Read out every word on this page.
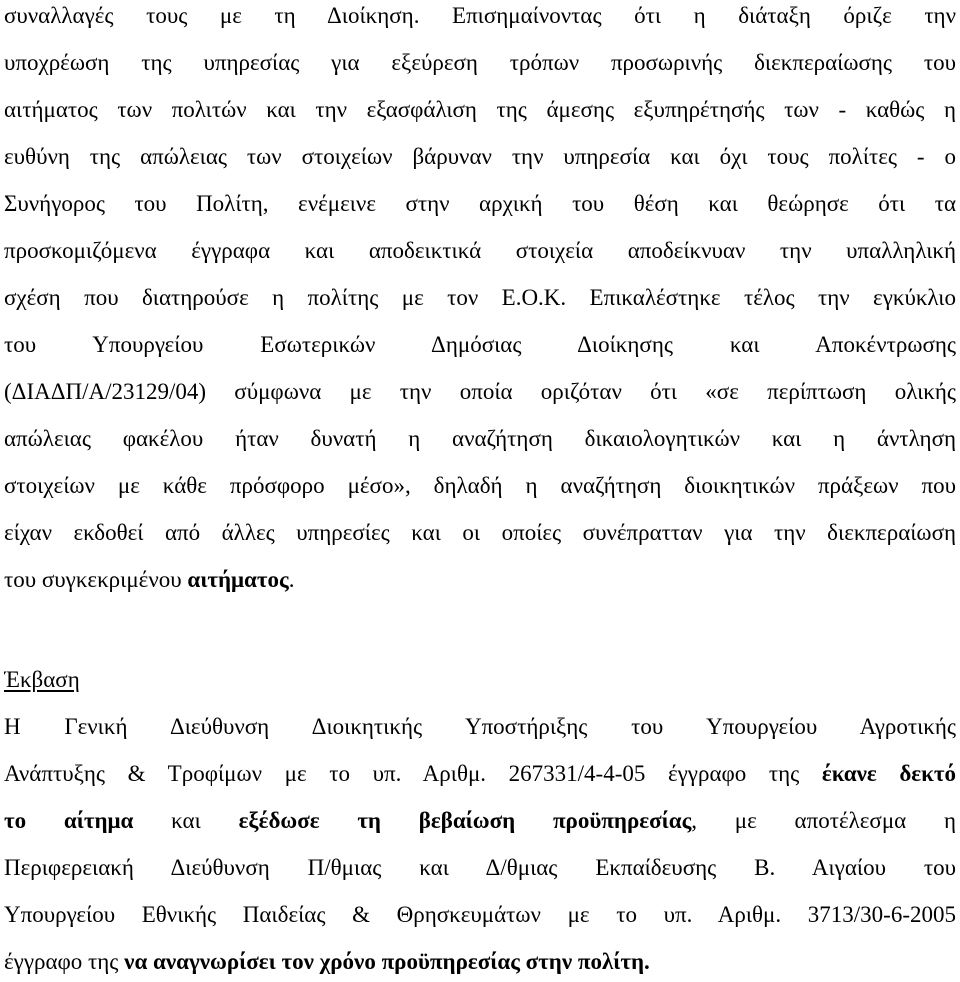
συναλλαγές τους με τη Διοίκηση. Επισημαίνοντας ότι η διάταξη όριζε την
υποχρέωση της υπηρεσίας για εξεύρεση τρόπων προσωρινής διεκπεραίωσης του
αιτήματος των πολιτών και την εξασφάλιση της άμεσης εξυπηρέτησής των - καθώς η
ευθύνη της απώλειας των στοιχείων βάρυναν την υπηρεσία και όχι τους πολίτες - ο
Συνήγορος του Πολίτη, ενέμεινε στην αρχική του θέση και θεώρησε ότι τα
προσκομιζόμενα έγγραφα και αποδεικτικά στοιχεία αποδείκνυαν την υπαλληλική
σχέση που διατηρούσε η πολίτης με τον Ε.Ο.Κ. Επικαλέστηκε τέλος την εγκύκλιο
του Υπουργείου Εσωτερικών Δημόσιας Διοίκησης και Αποκέντρωσης
(ΔΙΑΔΠ/Α/23129/04) σύμφωνα με την οποία οριζόταν ότι «σε περίπτωση ολικής
απώλειας φακέλου ήταν δυνατή η αναζήτηση δικαιολογητικών και η άντληση
στοιχείων με κάθε πρόσφορο μέσο», δηλαδή η αναζήτηση διοικητικών πράξεων που
είχαν εκδοθεί από άλλες υπηρεσίες και οι οποίες συνέπρατταν για την διεκπεραίωση
του συγκεκριμένου αιτήματος.
Έκβαση
Η Γενική Διεύθυνση Διοικητικής Υποστήριξης του Υπουργείου Αγροτικής
Ανάπτυξης & Τροφίμων με το υπ. Αριθμ. 267331/4-4-05 έγγραφο της έκανε δεκτό
το αίτημα και εξέδωσε τη βεβαίωση προϋπηρεσίας, με αποτέλεσμα η
Περιφερειακή Διεύθυνση Π/θμιας και Δ/θμιας Εκπαίδευσης Β. Αιγαίου του
Υπουργείου Εθνικής Παιδείας & Θρησκευμάτων με το υπ. Αριθμ. 3713/30-6-2005
έγγραφο της να αναγνωρίσει τον χρόνο προϋπηρεσίας στην πολίτη.
